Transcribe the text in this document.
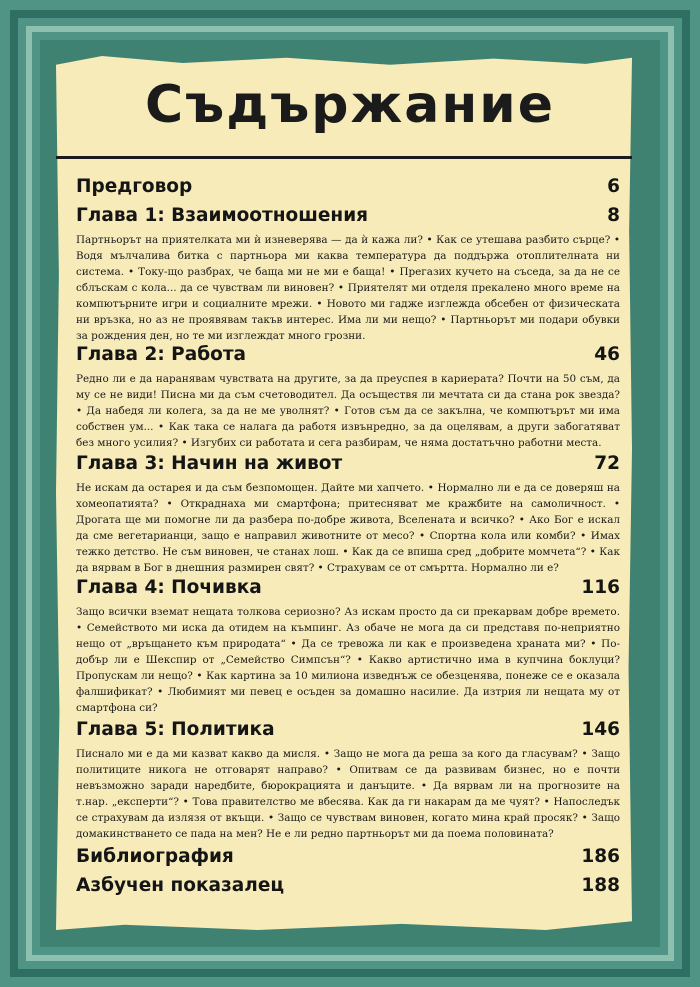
Съдържание
Предговор	6
Глава 1: Взаимоотношения	8
Партньорът на приятелката ми ѝ изневерява — да ѝ кажа ли? • Как се утешава разбито сърце? • Водя мълчалива битка с партньора ми каква температура да поддържа отоплителната ни система. • Току-що разбрах, че баща ми не ми е баща! • Прегазих кучето на съседа, за да не се сблъскам с кола... да се чувствам ли виновен? • Приятелят ми отделя прекалено много време на компютърните игри и социалните мрежи. • Новото ми гадже изглежда обсебен от физическата ни връзка, но аз не проявявам такъв интерес. Има ли ми нещо? • Партньорът ми подари обувки за рождения ден, но те ми изглеждат много грозни.
Глава 2: Работа	46
Редно ли е да наранявам чувствата на другите, за да преуспея в кариерата? Почти на 50 съм, да му се не види! Писна ми да съм счетоводител. Да осъществя ли мечтата си да стана рок звезда? • Да набедя ли колега, за да не ме уволнят? • Готов съм да се закълна, че компютърът ми има собствен ум... • Как така се налага да работя извънредно, за да оцелявам, а други забогатяват без много усилия? • Изгубих си работата и сега разбирам, че няма достатъчно работни места.
Глава 3: Начин на живот	72
Не искам да остарея и да съм безпомощен. Дайте ми хапчето. • Нормално ли е да се доверяш на хомеопатията? • Откраднаха ми смартфона; притесняват ме кражбите на самоличност. • Дрогата ще ми помогне ли да разбера по-добре живота, Вселената и всичко? • Ако Бог е искал да сме вегетарианци, защо е направил животните от месо? • Спортна кола или комби? • Имах тежко детство. Не съм виновен, че станах лош. • Как да се впиша сред „добрите момчета“? • Как да вярвам в Бог в днешния размирен свят? • Страхувам се от смъртта. Нормално ли е?
Глава 4: Почивка	116
Защо всички вземат нещата толкова сериозно? Аз искам просто да си прекарвам добре времето. • Семейството ми иска да отидем на къмпинг. Аз обаче не мога да си представя по-неприятно нещо от „връщането към природата“ • Да се тревожа ли как е произведена храната ми? • По-добър ли е Шекспир от „Семейство Симпсън“? • Какво артистично има в купчина боклуци? Пропускам ли нещо? • Как картина за 10 милиона изведнъж се обезценява, понеже се е оказала фалшификат? • Любимият ми певец е осъден за домашно насилие. Да изтрия ли нещата му от смартфона си?
Глава 5: Политика	146
Писнало ми е да ми казват какво да мисля. • Защо не мога да реша за кого да гласувам? • Защо политиците никога не отговарят направо? • Опитвам се да развивам бизнес, но е почти невъзможно заради наредбите, бюрокрацията и данъците. • Да вярвам ли на прогнозите на т.нар. „експерти“? • Това правителство ме вбесява. Как да ги накарам да ме чуят? • Напоследък се страхувам да излязя от вкъщи. • Защо се чувствам виновен, когато мина край просяк? • Защо домакинстването се пада на мен? Не е ли редно партньорът ми да поема половината?
Библиография	186
Азбучен показалец	188
